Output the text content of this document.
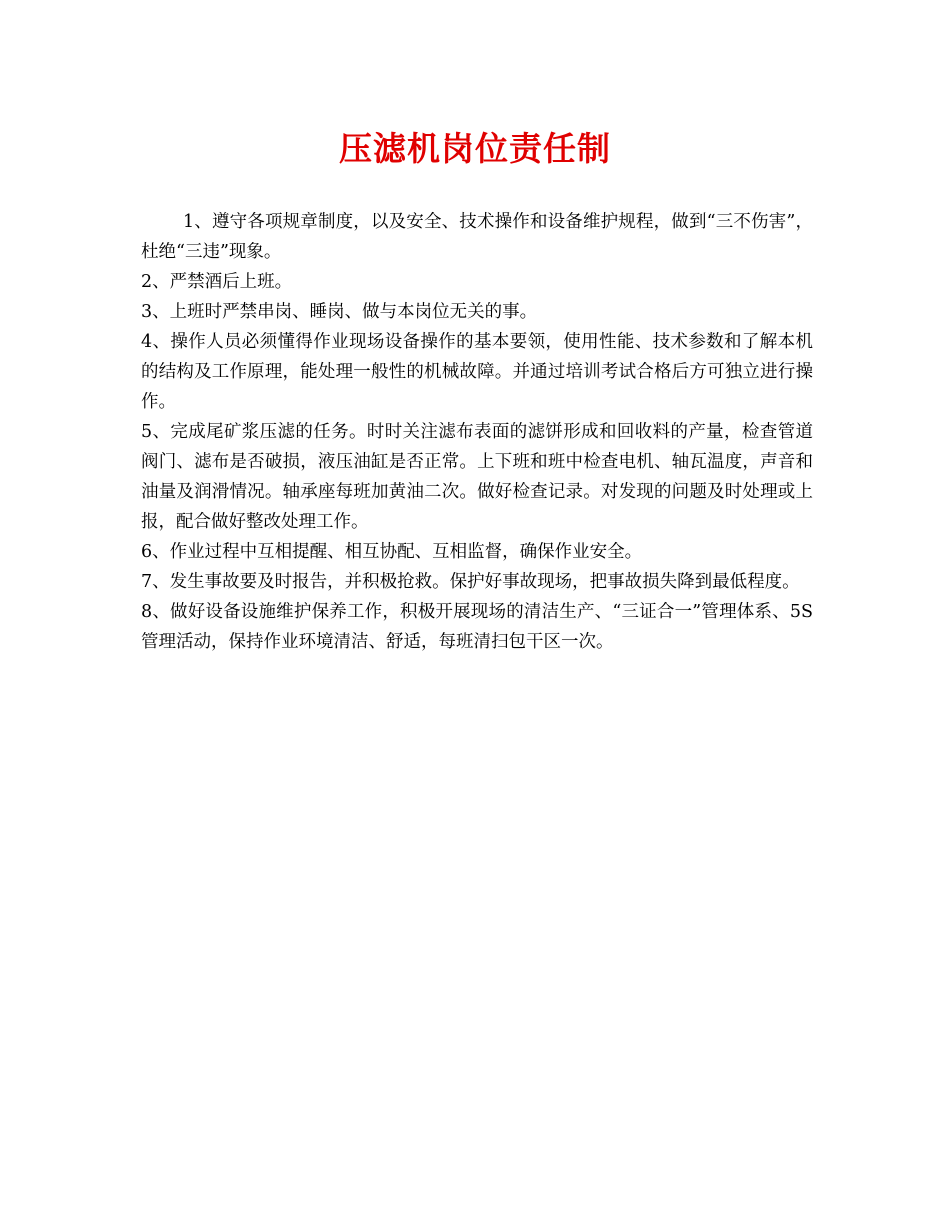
压滤机岗位责任制

1、遵守各项规章制度，以及安全、技术操作和设备维护规程，做到“三不伤害”，杜绝“三违”现象。

2、严禁酒后上班。

3、上班时严禁串岗、睡岗、做与本岗位无关的事。

4、操作人员必须懂得作业现场设备操作的基本要领，使用性能、技术参数和了解本机的结构及工作原理，能处理一般性的机械故障。并通过培训考试合格后方可独立进行操作。

5、完成尾矿浆压滤的任务。时时关注滤布表面的滤饼形成和回收料的产量，检查管道阀门、滤布是否破损，液压油缸是否正常。上下班和班中检查电机、轴瓦温度，声音和油量及润滑情况。轴承座每班加黄油二次。做好检查记录。对发现的问题及时处理或上报，配合做好整改处理工作。

6、作业过程中互相提醒、相互协配、互相监督，确保作业安全。

7、发生事故要及时报告，并积极抢救。保护好事故现场，把事故损失降到最低程度。

8、做好设备设施维护保养工作，积极开展现场的清洁生产、“三证合一”管理体系、5S管理活动，保持作业环境清洁、舒适，每班清扫包干区一次。
